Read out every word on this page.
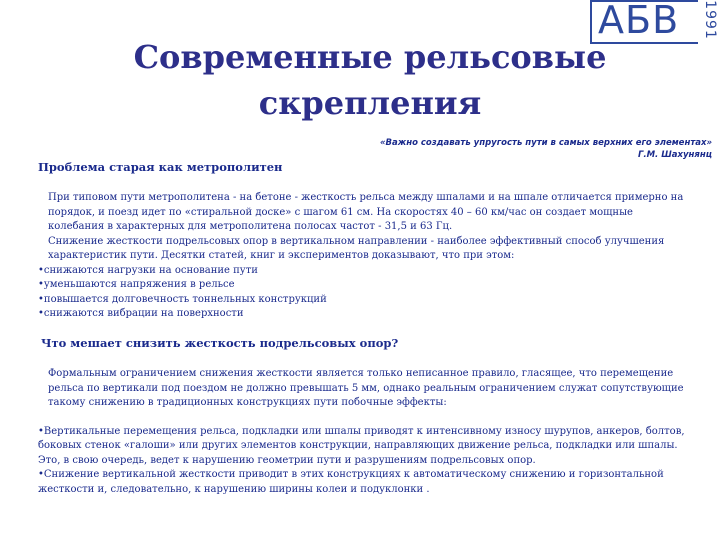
АБВ 1991
Современные рельсовые
скрепления
«Важно создавать упругость пути в самых верхних его элементах»
Г.М. Шахунянц
Проблема старая как метрополитен

При типовом пути метрополитена - на бетоне - жесткость рельса между шпалами и на шпале отличается примерно на порядок, и поезд идет по «стиральной доске» с шагом 61 см. На скоростях 40 – 60 км/час он создает мощные колебания в характерных для метрополитена полосах частот - 31,5 и 63 Гц.

Снижение жесткости подрельсовых опор в вертикальном направлении - наиболее эффективный способ улучшения характеристик пути. Десятки статей, книг и экспериментов доказывают, что при этом:

•снижаются нагрузки на основание пути

•уменьшаются напряжения в рельсе

•повышается долговечность тоннельных конструкций

•снижаются вибрации на поверхности

Что мешает снизить жесткость подрельсовых опор?

Формальным ограничением снижения жесткости является только неписанное правило, гласящее, что перемещение рельса по вертикали под поездом не должно превышать 5 мм, однако реальным ограничением служат сопутствующие такому снижению в традиционных конструкциях пути побочные эффекты:

•Вертикальные перемещения рельса, подкладки или шпалы приводят к интенсивному износу шурупов, анкеров, болтов, боковых стенок «галоши» или других элементов конструкции, направляющих движение рельса, подкладки или шпалы. Это, в свою очередь, ведет к нарушению геометрии пути и разрушениям подрельсовых опор.

•Снижение вертикальной жесткости приводит в этих конструкциях к автоматическому снижению и горизонтальной жесткости и, следовательно, к нарушению ширины колеи и подуклонки .
